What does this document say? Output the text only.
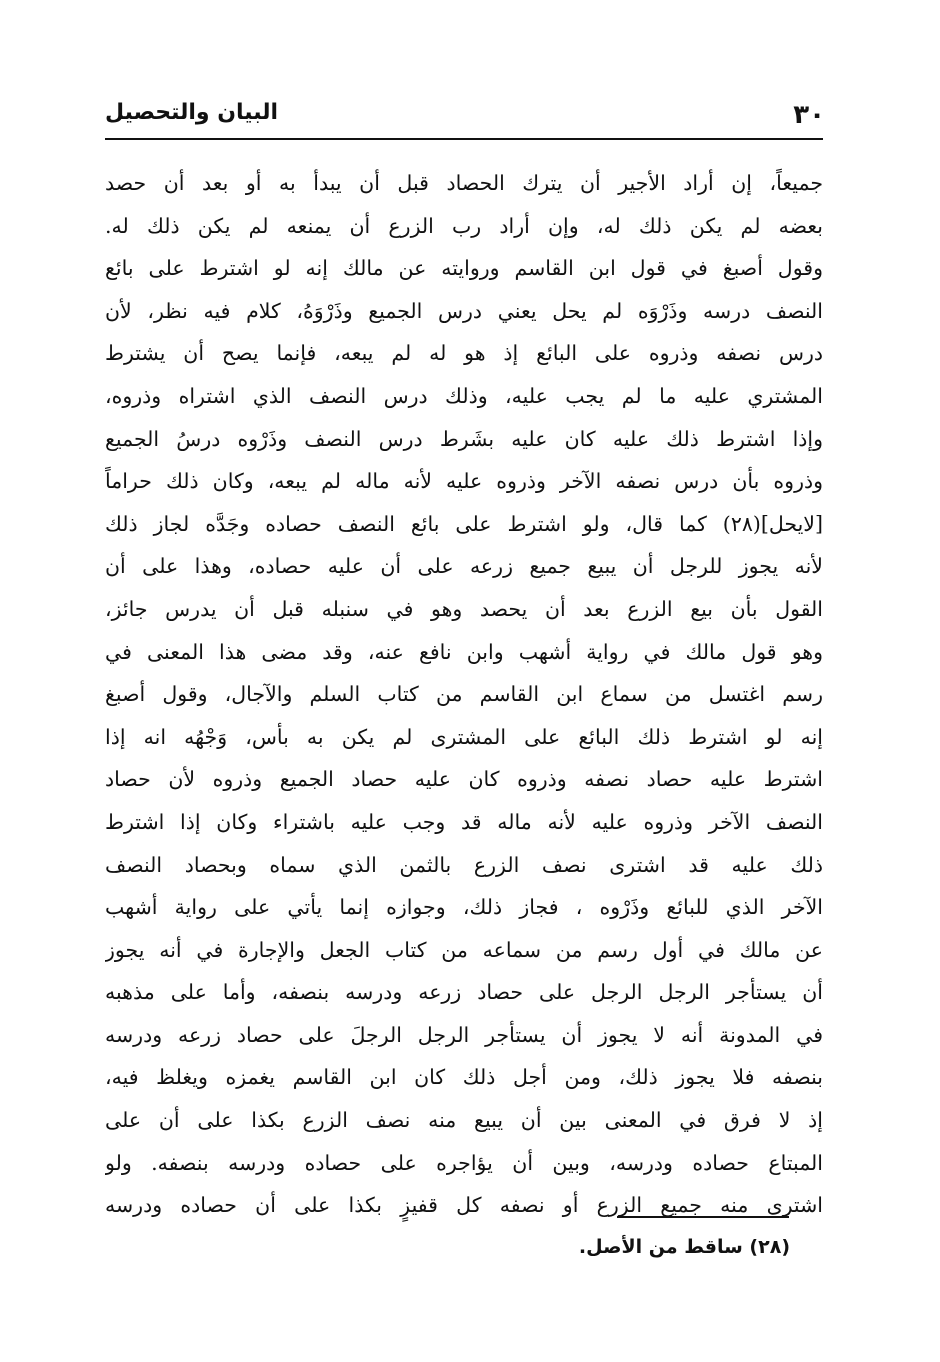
٣٠
البيان والتحصيل
جميعاً، إن أراد الأجير أن يترك الحصاد قبل أن يبدأ به أو بعد أن حصد
بعضه لم يكن ذلك له، وإن أراد رب الزرع أن يمنعه لم يكن ذلك له.
وقول أصبغ في قول ابن القاسم وروايته عن مالك إنه لو اشترط على بائع
النصف درسه وذَرْوَه لم يحل يعني درس الجميع وذَرْوَهُ، كلام فيه نظر، لأن
درس نصفه وذروه على البائع إذ هو له لم يبعه، فإنما يصح أن يشترط
المشتري عليه ما لم يجب عليه، وذلك درس النصف الذي اشتراه وذروه،
وإذا اشترط ذلك عليه كان عليه بشَرط درس النصف وذَرْوه درسُ الجميع
وذروه بأن درس نصفه الآخر وذروه عليه لأنه ماله لم يبعه، وكان ذلك حراماً
[لايحل](٢٨) كما قال، ولو اشترط على بائع النصف حصاده وجَدَّه لجاز ذلك
لأنه يجوز للرجل أن يبيع جميع زرعه على أن عليه حصاده، وهذا على أن
القول بأن بيع الزرع بعد أن يحصد وهو في سنبله قبل أن يدرس جائز،
وهو قول مالك في رواية أشهب وابن نافع عنه، وقد مضى هذا المعنى في
رسم اغتسل من سماع ابن القاسم من كتاب السلم والآجال، وقول أصبغ
إنه لو اشترط ذلك البائع على المشترى لم يكن به بأس، وَجْهُه انه إذا
اشترط عليه حصاد نصفه وذروه كان عليه حصاد الجميع وذروه لأن حصاد
النصف الآخر وذروه عليه لأنه ماله قد وجب عليه باشتراء وكان إذا اشترط
ذلك عليه قد اشترى نصف الزرع بالثمن الذي سماه وبحصاد النصف
الآخر الذي للبائع وذَرْوه ، فجاز ذلك، وجوازه إنما يأتي على رواية أشهب
عن مالك في أول رسم من سماعه من كتاب الجعل والإجارة في أنه يجوز
أن يستأجر الرجل الرجل على حصاد زرعه ودرسه بنصفه، وأما على مذهبه
في المدونة أنه لا يجوز أن يستأجر الرجل الرجلَ على حصاد زرعه ودرسه
بنصفه فلا يجوز ذلك، ومن أجل ذلك كان ابن القاسم يغمزه ويغلظ فيه،
إذ لا فرق في المعنى بين أن يبيع منه نصف الزرع بكذا على أن على
المبتاع حصاده ودرسه، وبين أن يؤاجره على حصاده ودرسه بنصفه. ولو
اشترى منه جميع الزرع أو نصفه كل قفيزٍ بكذا على أن حصاده ودرسه
(٢٨) ساقط من الأصل.
